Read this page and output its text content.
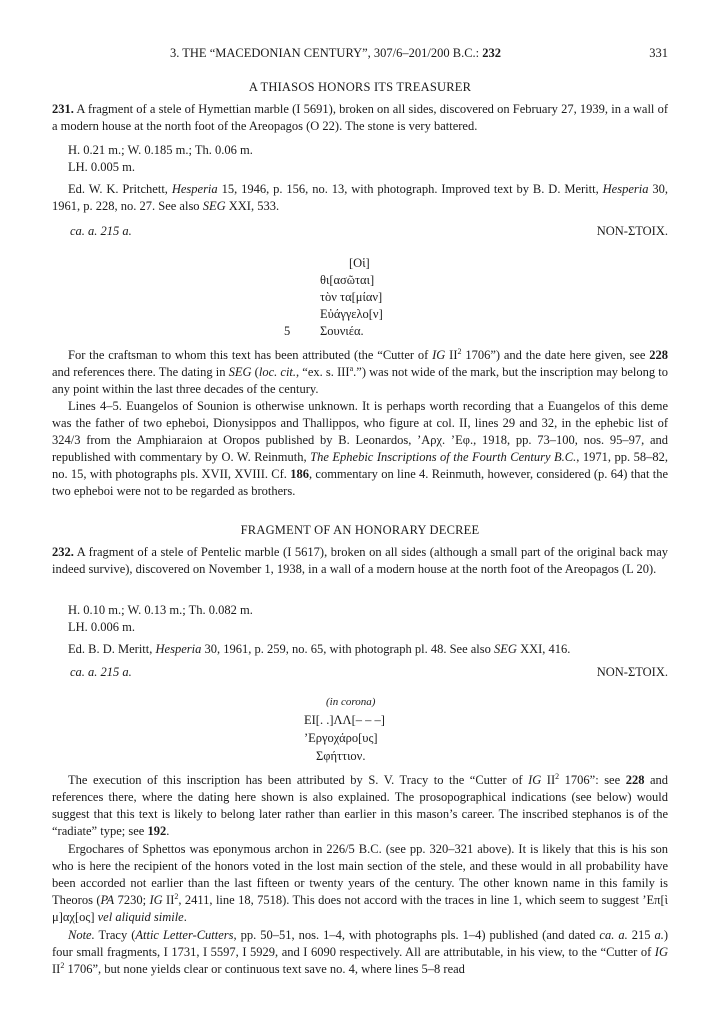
3. THE “MACEDONIAN CENTURY”, 307/6–201/200 B.C.: 232	331
A THIASOS HONORS ITS TREASURER
231. A fragment of a stele of Hymettian marble (I 5691), broken on all sides, discovered on February 27, 1939, in a wall of a modern house at the north foot of the Areopagos (O 22). The stone is very battered.
H. 0.21 m.; W. 0.185 m.; Th. 0.06 m.
LH. 0.005 m.
Ed. W. K. Pritchett, Hesperia 15, 1946, p. 156, no. 13, with photograph. Improved text by B. D. Meritt, Hesperia 30, 1961, p. 228, no. 27. See also SEG XXI, 533.
ca. a. 215 a.	NON-ΣΤΟΙΧ.
[Oἱ]
θι[ασῶται]
τὸν τα[μίαν]
Εὐάγγελο[ν]
5 Σουνιέα.
For the craftsman to whom this text has been attributed (the “Cutter of IG $II^2$ 1706”) and the date here given, see 228 and references there. The dating in SEG (loc. cit., “ex. s. III$^a$.”) was not wide of the mark, but the inscription may belong to any point within the last three decades of the century.
Lines 4–5. Euangelos of Sounion is otherwise unknown. It is perhaps worth recording that a Euangelos of this deme was the father of two epheboi, Dionysippos and Thallippos, who figure at col. II, lines 29 and 32, in the ephebic list of 324/3 from the Amphiaraion at Oropos published by B. Leonardos, ’Αρχ. ’Εφ., 1918, pp. 73–100, nos. 95–97, and republished with commentary by O. W. Reinmuth, The Ephebic Inscriptions of the Fourth Century B.C., 1971, pp. 58–82, no. 15, with photographs pls. XVII, XVIII. Cf. 186, commentary on line 4. Reinmuth, however, considered (p. 64) that the two epheboi were not to be regarded as brothers.
FRAGMENT OF AN HONORARY DECREE
232. A fragment of a stele of Pentelic marble (I 5617), broken on all sides (although a small part of the original back may indeed survive), discovered on November 1, 1938, in a wall of a modern house at the north foot of the Areopagos (L 20).
H. 0.10 m.; W. 0.13 m.; Th. 0.082 m.
LH. 0.006 m.
Ed. B. D. Meritt, Hesperia 30, 1961, p. 259, no. 65, with photograph pl. 48. See also SEG XXI, 416.
ca. a. 215 a.	NON-ΣΤΟΙΧ.
(in corona)
ΕΙ[. .]ΛΛ[– – –]
’Εργοχάρο[υς]
Σφήττιον.
The execution of this inscription has been attributed by S. V. Tracy to the “Cutter of IG $II^2$ 1706”: see 228 and references there, where the dating here shown is also explained. The prosopographical indications (see below) would suggest that this text is likely to belong later rather than earlier in this mason’s career. The inscribed stephanos is of the “radiate” type; see 192.
Ergochares of Sphettos was eponymous archon in 226/5 B.C. (see pp. 320–321 above). It is likely that this is his son who is here the recipient of the honors voted in the lost main section of the stele, and these would in all probability have been accorded not earlier than the last fifteen or twenty years of the century. The other known name in this family is Theoros (PA 7230; IG $II^2$, 2411, line 18, 7518). This does not accord with the traces in line 1, which seem to suggest ’Επ[ὶ μ]αχ[ος] vel aliquid simile.
Note. Tracy (Attic Letter-Cutters, pp. 50–51, nos. 1–4, with photographs pls. 1–4) published (and dated ca. a. 215 a.) four small fragments, I 1731, I 5597, I 5929, and I 6090 respectively. All are attributable, in his view, to the “Cutter of IG $II^2$ 1706”, but none yields clear or continuous text save no. 4, where lines 5–8 read
